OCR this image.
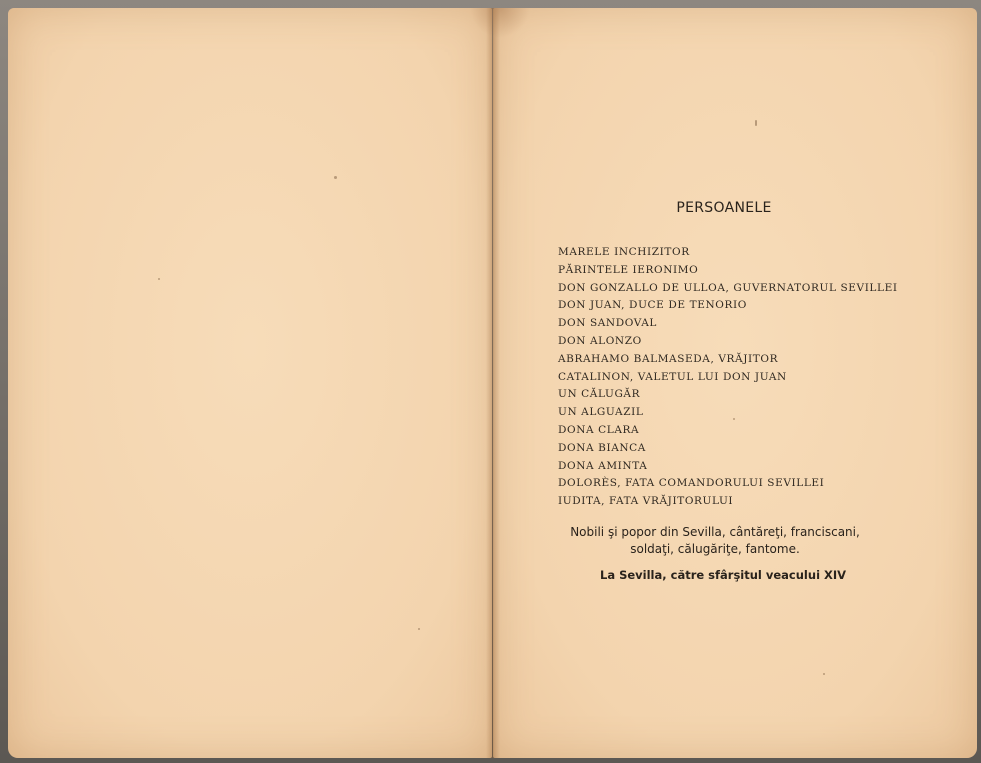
PERSOANELE
MARELE INCHIZITOR
PĂRINTELE IERONIMO
DON GONZALLO DE ULLOA, GUVERNATORUL SEVILLEI
DON JUAN, DUCE DE TENORIO
DON SANDOVAL
DON ALONZO
ABRAHAMO BALMASEDA, VRĂJITOR
CATALINON, VALETUL LUI DON JUAN
UN CĂLUGĂR
UN ALGUAZIL
DONA CLARA
DONA BIANCA
DONA AMINTA
DOLORÈS, FATA COMANDORULUI SEVILLEI
IUDITA, FATA VRĂJITORULUI
Nobili şi popor din Sevilla, cântăreţi, franciscani,
soldaţi, călugăriţe, fantome.
La Sevilla, către sfârşitul veacului XIV
